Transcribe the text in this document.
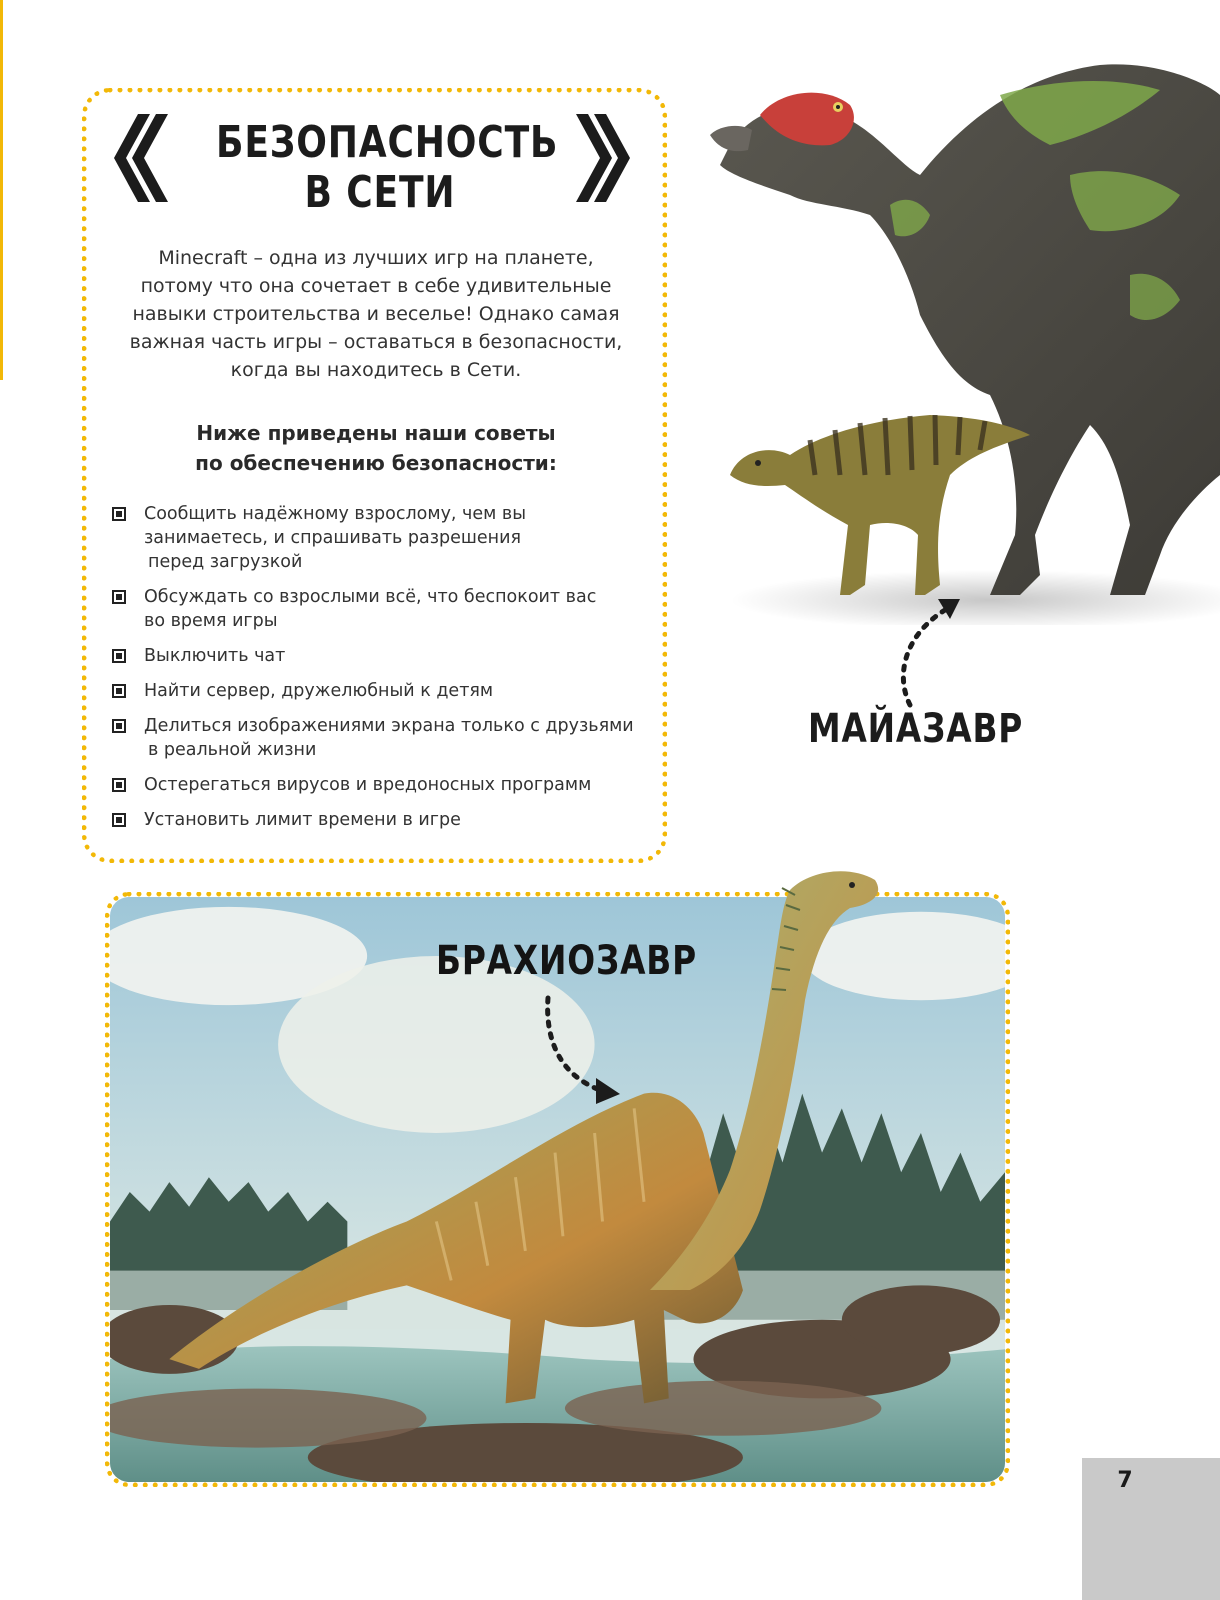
БЕЗОПАСНОСТЬ
В СЕТИ
Minecraft – одна из лучших игр на планете,
потому что она сочетает в себе удивительные
навыки строительства и веселье! Однако самая
важная часть игры – оставаться в безопасности,
когда вы находитесь в Сети.
Ниже приведены наши советы
по обеспечению безопасности:
Сообщить надёжному взрослому, чем вы
занимаетесь, и спрашивать разрешения
перед загрузкой
Обсуждать со взрослыми всё, что беспокоит вас
во время игры
Выключить чат
Найти сервер, дружелюбный к детям
Делиться изображениями экрана только с друзьями
в реальной жизни
Остерегаться вирусов и вредоносных программ
Установить лимит времени в игре
МАЙАЗАВР
БРАХИОЗАВР
7
